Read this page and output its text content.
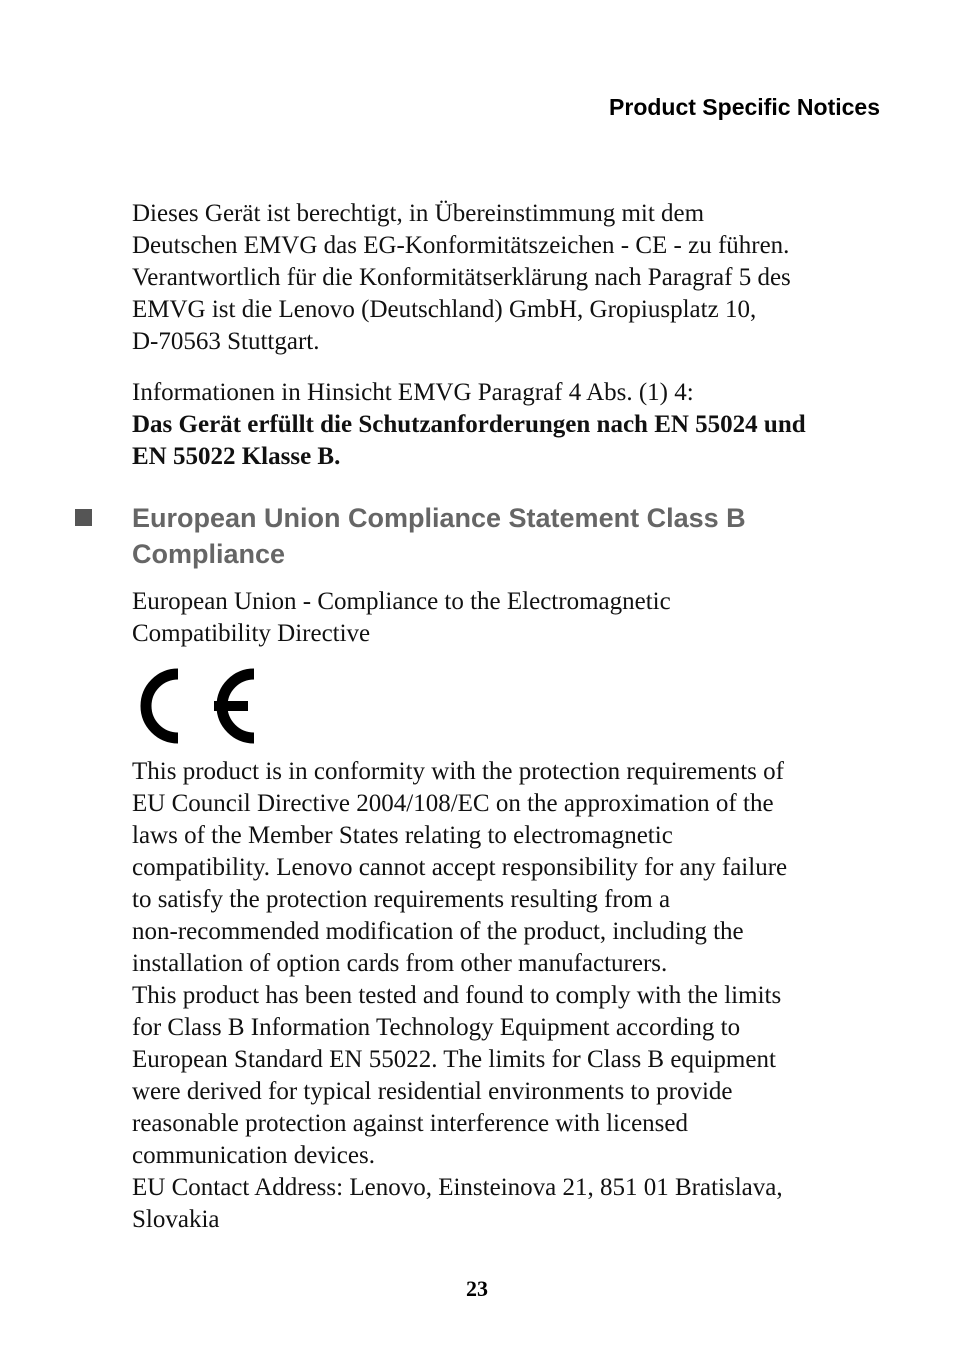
Product Specific Notices

Dieses Gerät ist berechtigt, in Übereinstimmung mit dem
Deutschen EMVG das EG-Konformitätszeichen - CE - zu führen.
Verantwortlich für die Konformitätserklärung nach Paragraf 5 des
EMVG ist die Lenovo (Deutschland) GmbH, Gropiusplatz 10,
D-70563 Stuttgart.

Informationen in Hinsicht EMVG Paragraf 4 Abs. (1) 4:
Das Gerät erfüllt die Schutzanforderungen nach EN 55024 und
EN 55022 Klasse B.

European Union Compliance Statement Class B
Compliance

European Union - Compliance to the Electromagnetic
Compatibility Directive

This product is in conformity with the protection requirements of
EU Council Directive 2004/108/EC on the approximation of the
laws of the Member States relating to electromagnetic
compatibility. Lenovo cannot accept responsibility for any failure
to satisfy the protection requirements resulting from a
non-recommended modification of the product, including the
installation of option cards from other manufacturers.
This product has been tested and found to comply with the limits
for Class B Information Technology Equipment according to
European Standard EN 55022. The limits for Class B equipment
were derived for typical residential environments to provide
reasonable protection against interference with licensed
communication devices.
EU Contact Address: Lenovo, Einsteinova 21, 851 01 Bratislava,
Slovakia

23
